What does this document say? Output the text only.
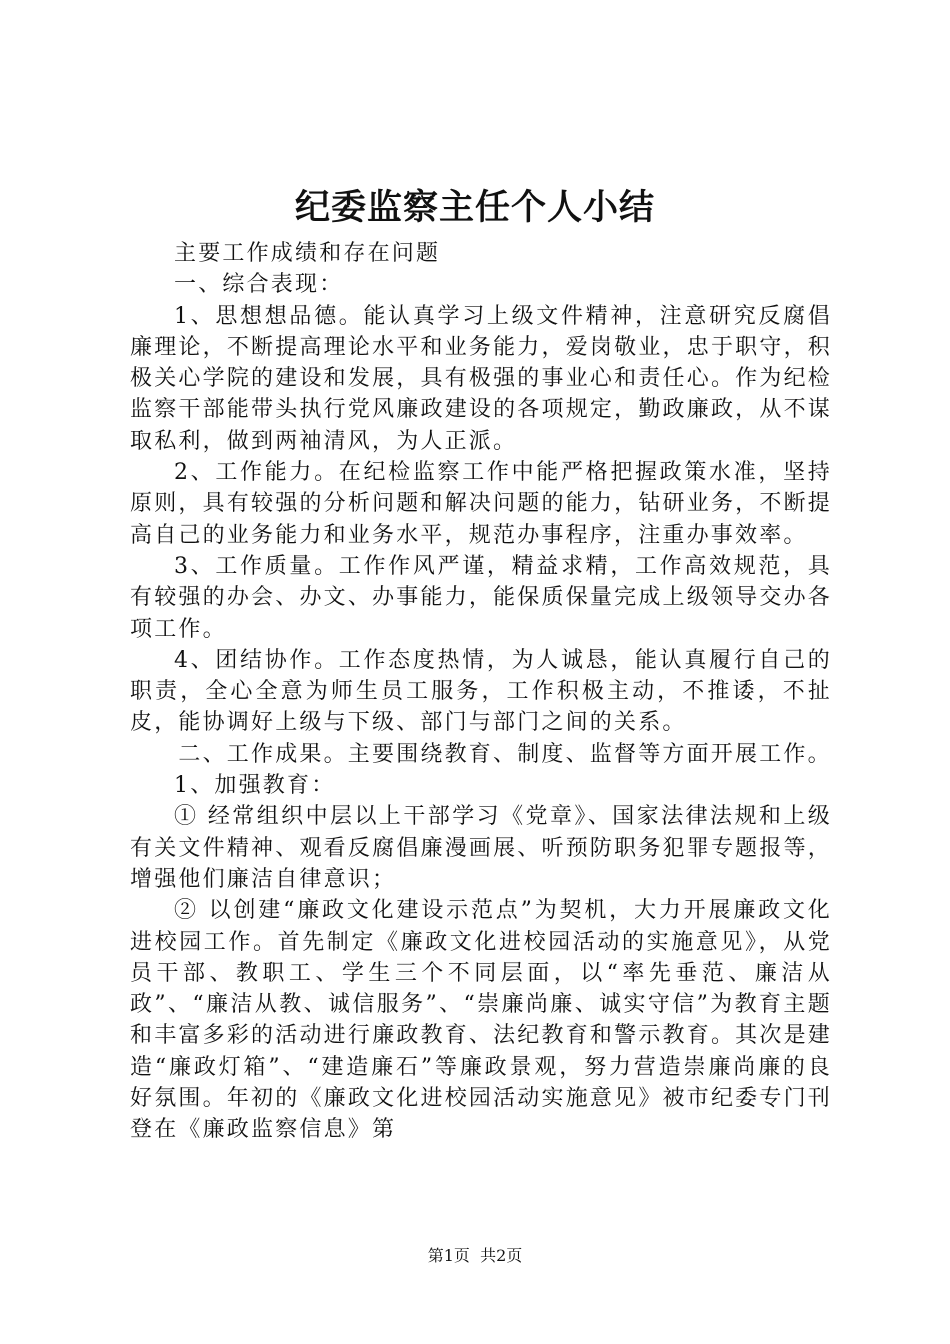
纪委监察主任个人小结

主要工作成绩和存在问题

一、综合表现：

1、思想想品德。能认真学习上级文件精神，注意研究反腐倡廉理论，不断提高理论水平和业务能力，爱岗敬业，忠于职守，积极关心学院的建设和发展，具有极强的事业心和责任心。作为纪检监察干部能带头执行党风廉政建设的各项规定，勤政廉政，从不谋取私利，做到两袖清风，为人正派。

2、工作能力。在纪检监察工作中能严格把握政策水准，坚持原则，具有较强的分析问题和解决问题的能力，钻研业务，不断提高自己的业务能力和业务水平，规范办事程序，注重办事效率。

3、工作质量。工作作风严谨，精益求精，工作高效规范，具有较强的办会、办文、办事能力，能保质保量完成上级领导交办各项工作。

4、团结协作。工作态度热情，为人诚恳，能认真履行自己的职责，全心全意为师生员工服务，工作积极主动，不推诿，不扯皮，能协调好上级与下级、部门与部门之间的关系。

二、工作成果。主要围绕教育、制度、监督等方面开展工作。

1、加强教育：

① 经常组织中层以上干部学习《党章》、国家法律法规和上级有关文件精神、观看反腐倡廉漫画展、听预防职务犯罪专题报等，增强他们廉洁自律意识；

② 以创建“廉政文化建设示范点”为契机，大力开展廉政文化进校园工作。首先制定《廉政文化进校园活动的实施意见》，从党员干部、教职工、学生三个不同层面，以“率先垂范、廉洁从政”、“廉洁从教、诚信服务”、“崇廉尚廉、诚实守信”为教育主题和丰富多彩的活动进行廉政教育、法纪教育和警示教育。其次是建造“廉政灯箱”、“建造廉石”等廉政景观，努力营造崇廉尚廉的良好氛围。年初的《廉政文化进校园活动实施意见》被市纪委专门刊登在《廉政监察信息》第

第1页  共2页
